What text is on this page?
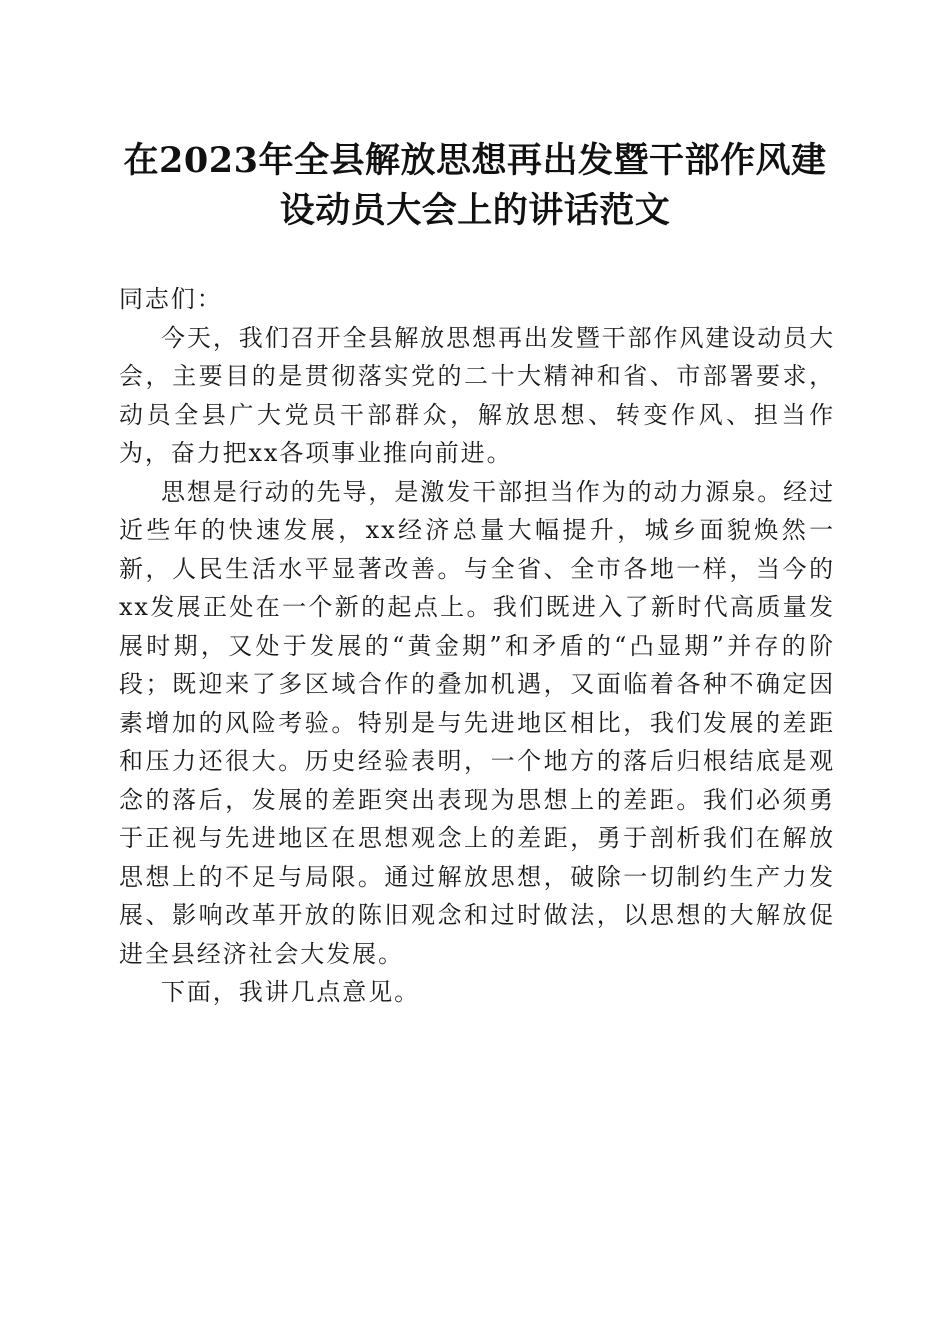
在2023年全县解放思想再出发暨干部作风建
设动员大会上的讲话范文

同志们：

今天，我们召开全县解放思想再出发暨干部作风建设动员大会，主要目的是贯彻落实党的二十大精神和省、市部署要求，动员全县广大党员干部群众，解放思想、转变作风、担当作为，奋力把xx各项事业推向前进。

思想是行动的先导，是激发干部担当作为的动力源泉。经过近些年的快速发展，xx经济总量大幅提升，城乡面貌焕然一新，人民生活水平显著改善。与全省、全市各地一样，当今的xx发展正处在一个新的起点上。我们既进入了新时代高质量发展时期，又处于发展的“黄金期”和矛盾的“凸显期”并存的阶段；既迎来了多区域合作的叠加机遇，又面临着各种不确定因素增加的风险考验。特别是与先进地区相比，我们发展的差距和压力还很大。历史经验表明，一个地方的落后归根结底是观念的落后，发展的差距突出表现为思想上的差距。我们必须勇于正视与先进地区在思想观念上的差距，勇于剖析我们在解放思想上的不足与局限。通过解放思想，破除一切制约生产力发展、影响改革开放的陈旧观念和过时做法，以思想的大解放促进全县经济社会大发展。

下面，我讲几点意见。
